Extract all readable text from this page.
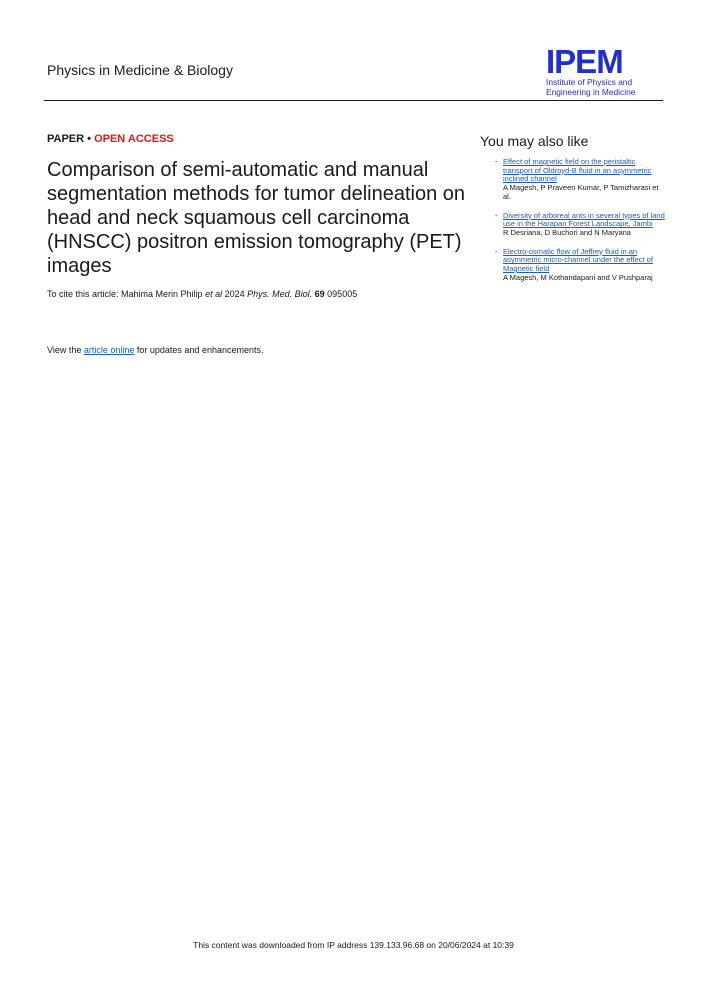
Physics in Medicine & Biology	IPEM
Institute of Physics and
Engineering in Medicine
PAPER • OPEN ACCESS
Comparison of semi-automatic and manual segmentation methods for tumor delineation on head and neck squamous cell carcinoma (HNSCC) positron emission tomography (PET) images
To cite this article: Mahima Merin Philip et al 2024 Phys. Med. Biol. 69 095005
View the article online for updates and enhancements.
You may also like
- Effect of magnetic field on the peristaltic transport of Oldroyd-B fluid in an asymmetric inclined channel
A Magesh, P Praveen Kumar, P Tamizharasi et al.
- Diversity of arboreal ants in several types of land use in the Harapan Forest Landscape, Jambi
R Desriana, D Buchori and N Maryana
- Electro-osmatic flow of Jeffrey fluid in an asymmetric micro-channel under the effect of Magnetic field
A Magesh, M Kothandapani and V Pushparaj
This content was downloaded from IP address 139.133.96.68 on 20/06/2024 at 10:39
